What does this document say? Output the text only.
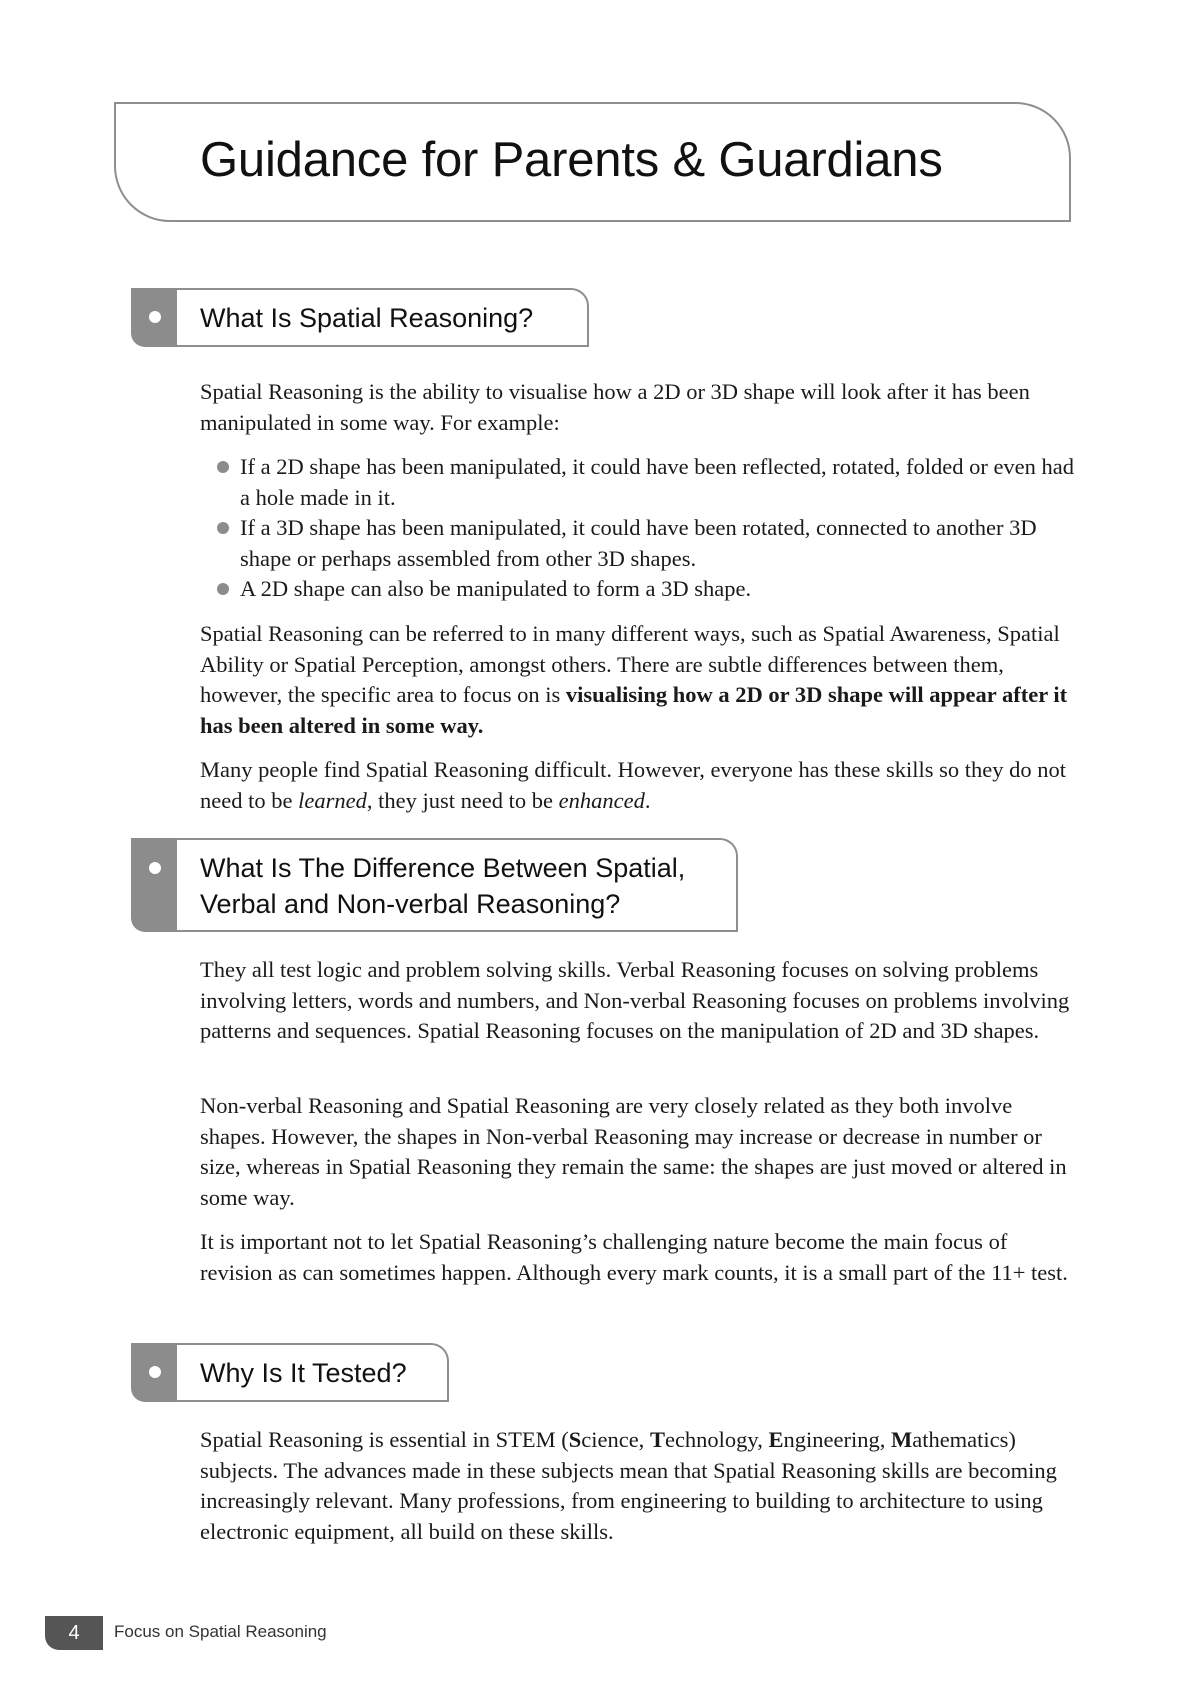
Guidance for Parents & Guardians
What Is Spatial Reasoning?

Spatial Reasoning is the ability to visualise how a 2D or 3D shape will look after it has been manipulated in some way. For example:

If a 2D shape has been manipulated, it could have been reflected, rotated, folded or even had a hole made in it.
If a 3D shape has been manipulated, it could have been rotated, connected to another 3D shape or perhaps assembled from other 3D shapes.
A 2D shape can also be manipulated to form a 3D shape.

Spatial Reasoning can be referred to in many different ways, such as Spatial Awareness, Spatial Ability or Spatial Perception, amongst others. There are subtle differences between them, however, the specific area to focus on is visualising how a 2D or 3D shape will appear after it has been altered in some way.

Many people find Spatial Reasoning difficult. However, everyone has these skills so they do not need to be learned, they just need to be enhanced.

What Is The Difference Between Spatial,
Verbal and Non-verbal Reasoning?

They all test logic and problem solving skills. Verbal Reasoning focuses on solving problems involving letters, words and numbers, and Non-verbal Reasoning focuses on problems involving patterns and sequences. Spatial Reasoning focuses on the manipulation of 2D and 3D shapes.

Non-verbal Reasoning and Spatial Reasoning are very closely related as they both involve shapes. However, the shapes in Non-verbal Reasoning may increase or decrease in number or size, whereas in Spatial Reasoning they remain the same: the shapes are just moved or altered in some way.

It is important not to let Spatial Reasoning’s challenging nature become the main focus of revision as can sometimes happen. Although every mark counts, it is a small part of the 11+ test.

Why Is It Tested?

Spatial Reasoning is essential in STEM (Science, Technology, Engineering, Mathematics) subjects. The advances made in these subjects mean that Spatial Reasoning skills are becoming increasingly relevant. Many professions, from engineering to building to architecture to using electronic equipment, all build on these skills.

4	Focus on Spatial Reasoning
